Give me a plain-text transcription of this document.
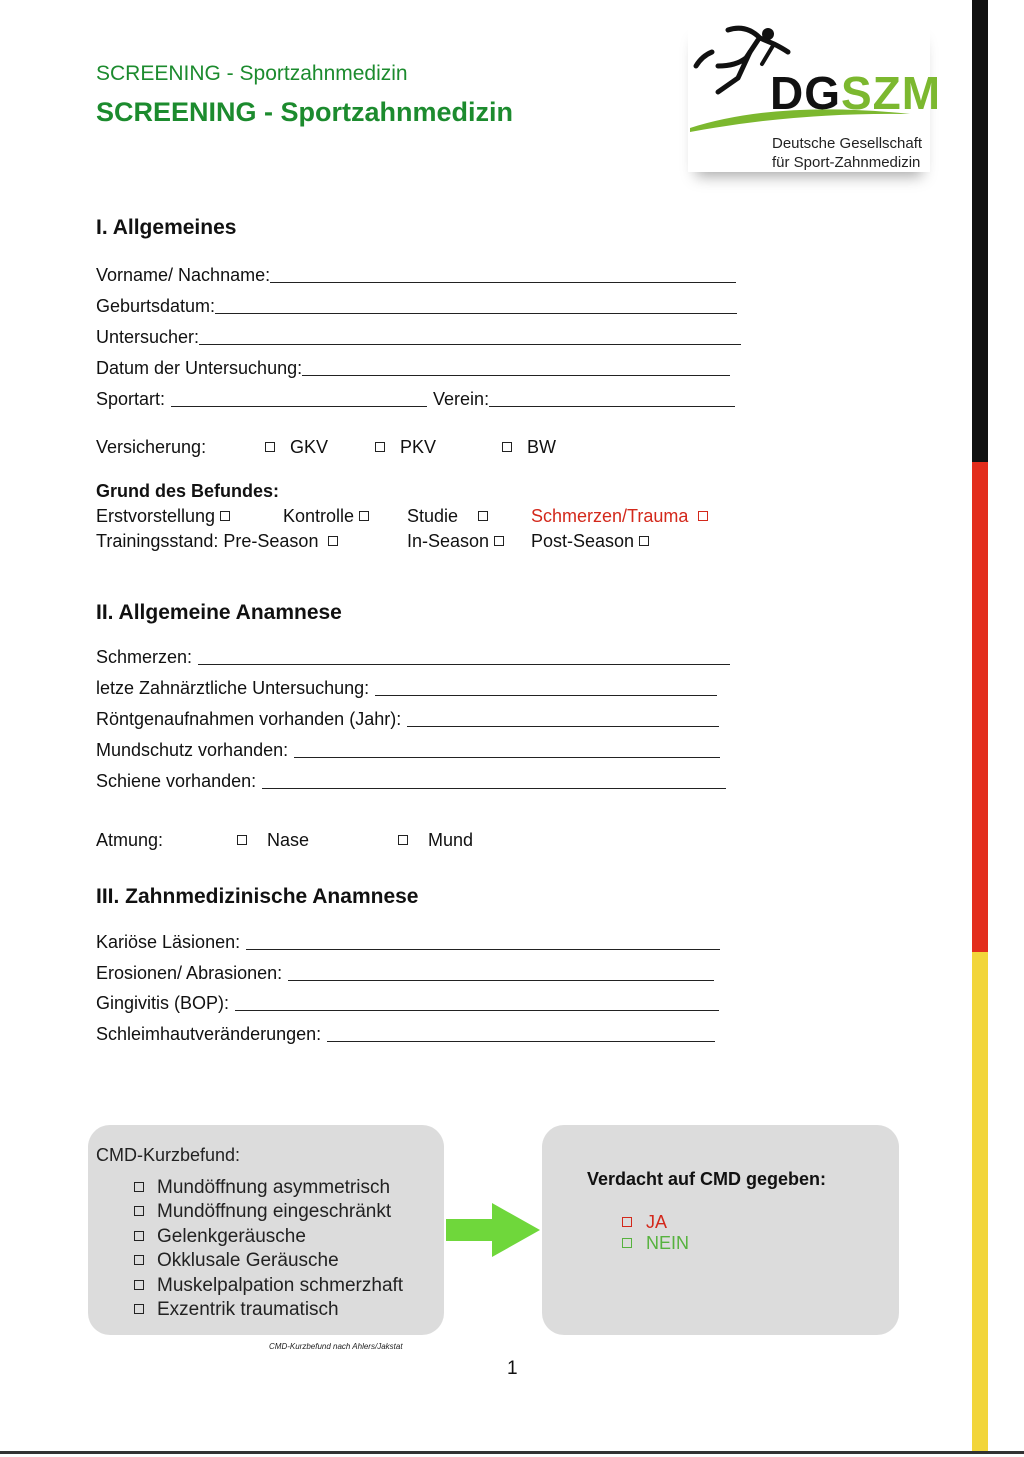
SCREENING - Sportzahnmedizin
SCREENING - Sportzahnmedizin	DGSZM
Deutsche Gesellschaft
für Sport-Zahnmedizin
I. Allgemeines
Vorname/ Nachname:
Geburtsdatum:
Untersucher:
Datum der Untersuchung:
Sportart:	Verein:
Versicherung:	GKV	PKV	BW
Grund des Befundes:
Erstvorstellung	Kontrolle	Studie	Schmerzen/Trauma
Trainingsstand: Pre-Season	In-Season	Post-Season
II. Allgemeine Anamnese
Schmerzen:
letze Zahnärztliche Untersuchung:
Röntgenaufnahmen vorhanden (Jahr):
Mundschutz vorhanden:
Schiene vorhanden:
Atmung:	Nase	Mund
III. Zahnmedizinische Anamnese
Kariöse Läsionen:
Erosionen/ Abrasionen:
Gingivitis (BOP):
Schleimhautveränderungen:
CMD-Kurzbefund:
Mundöffnung asymmetrisch
Mundöffnung eingeschränkt
Gelenkgeräusche
Okklusale Geräusche
Muskelpalpation schmerzhaft
Exzentrik traumatisch
Verdacht auf CMD gegeben:
JA
NEIN
CMD-Kurzbefund nach Ahlers/Jakstat
1
